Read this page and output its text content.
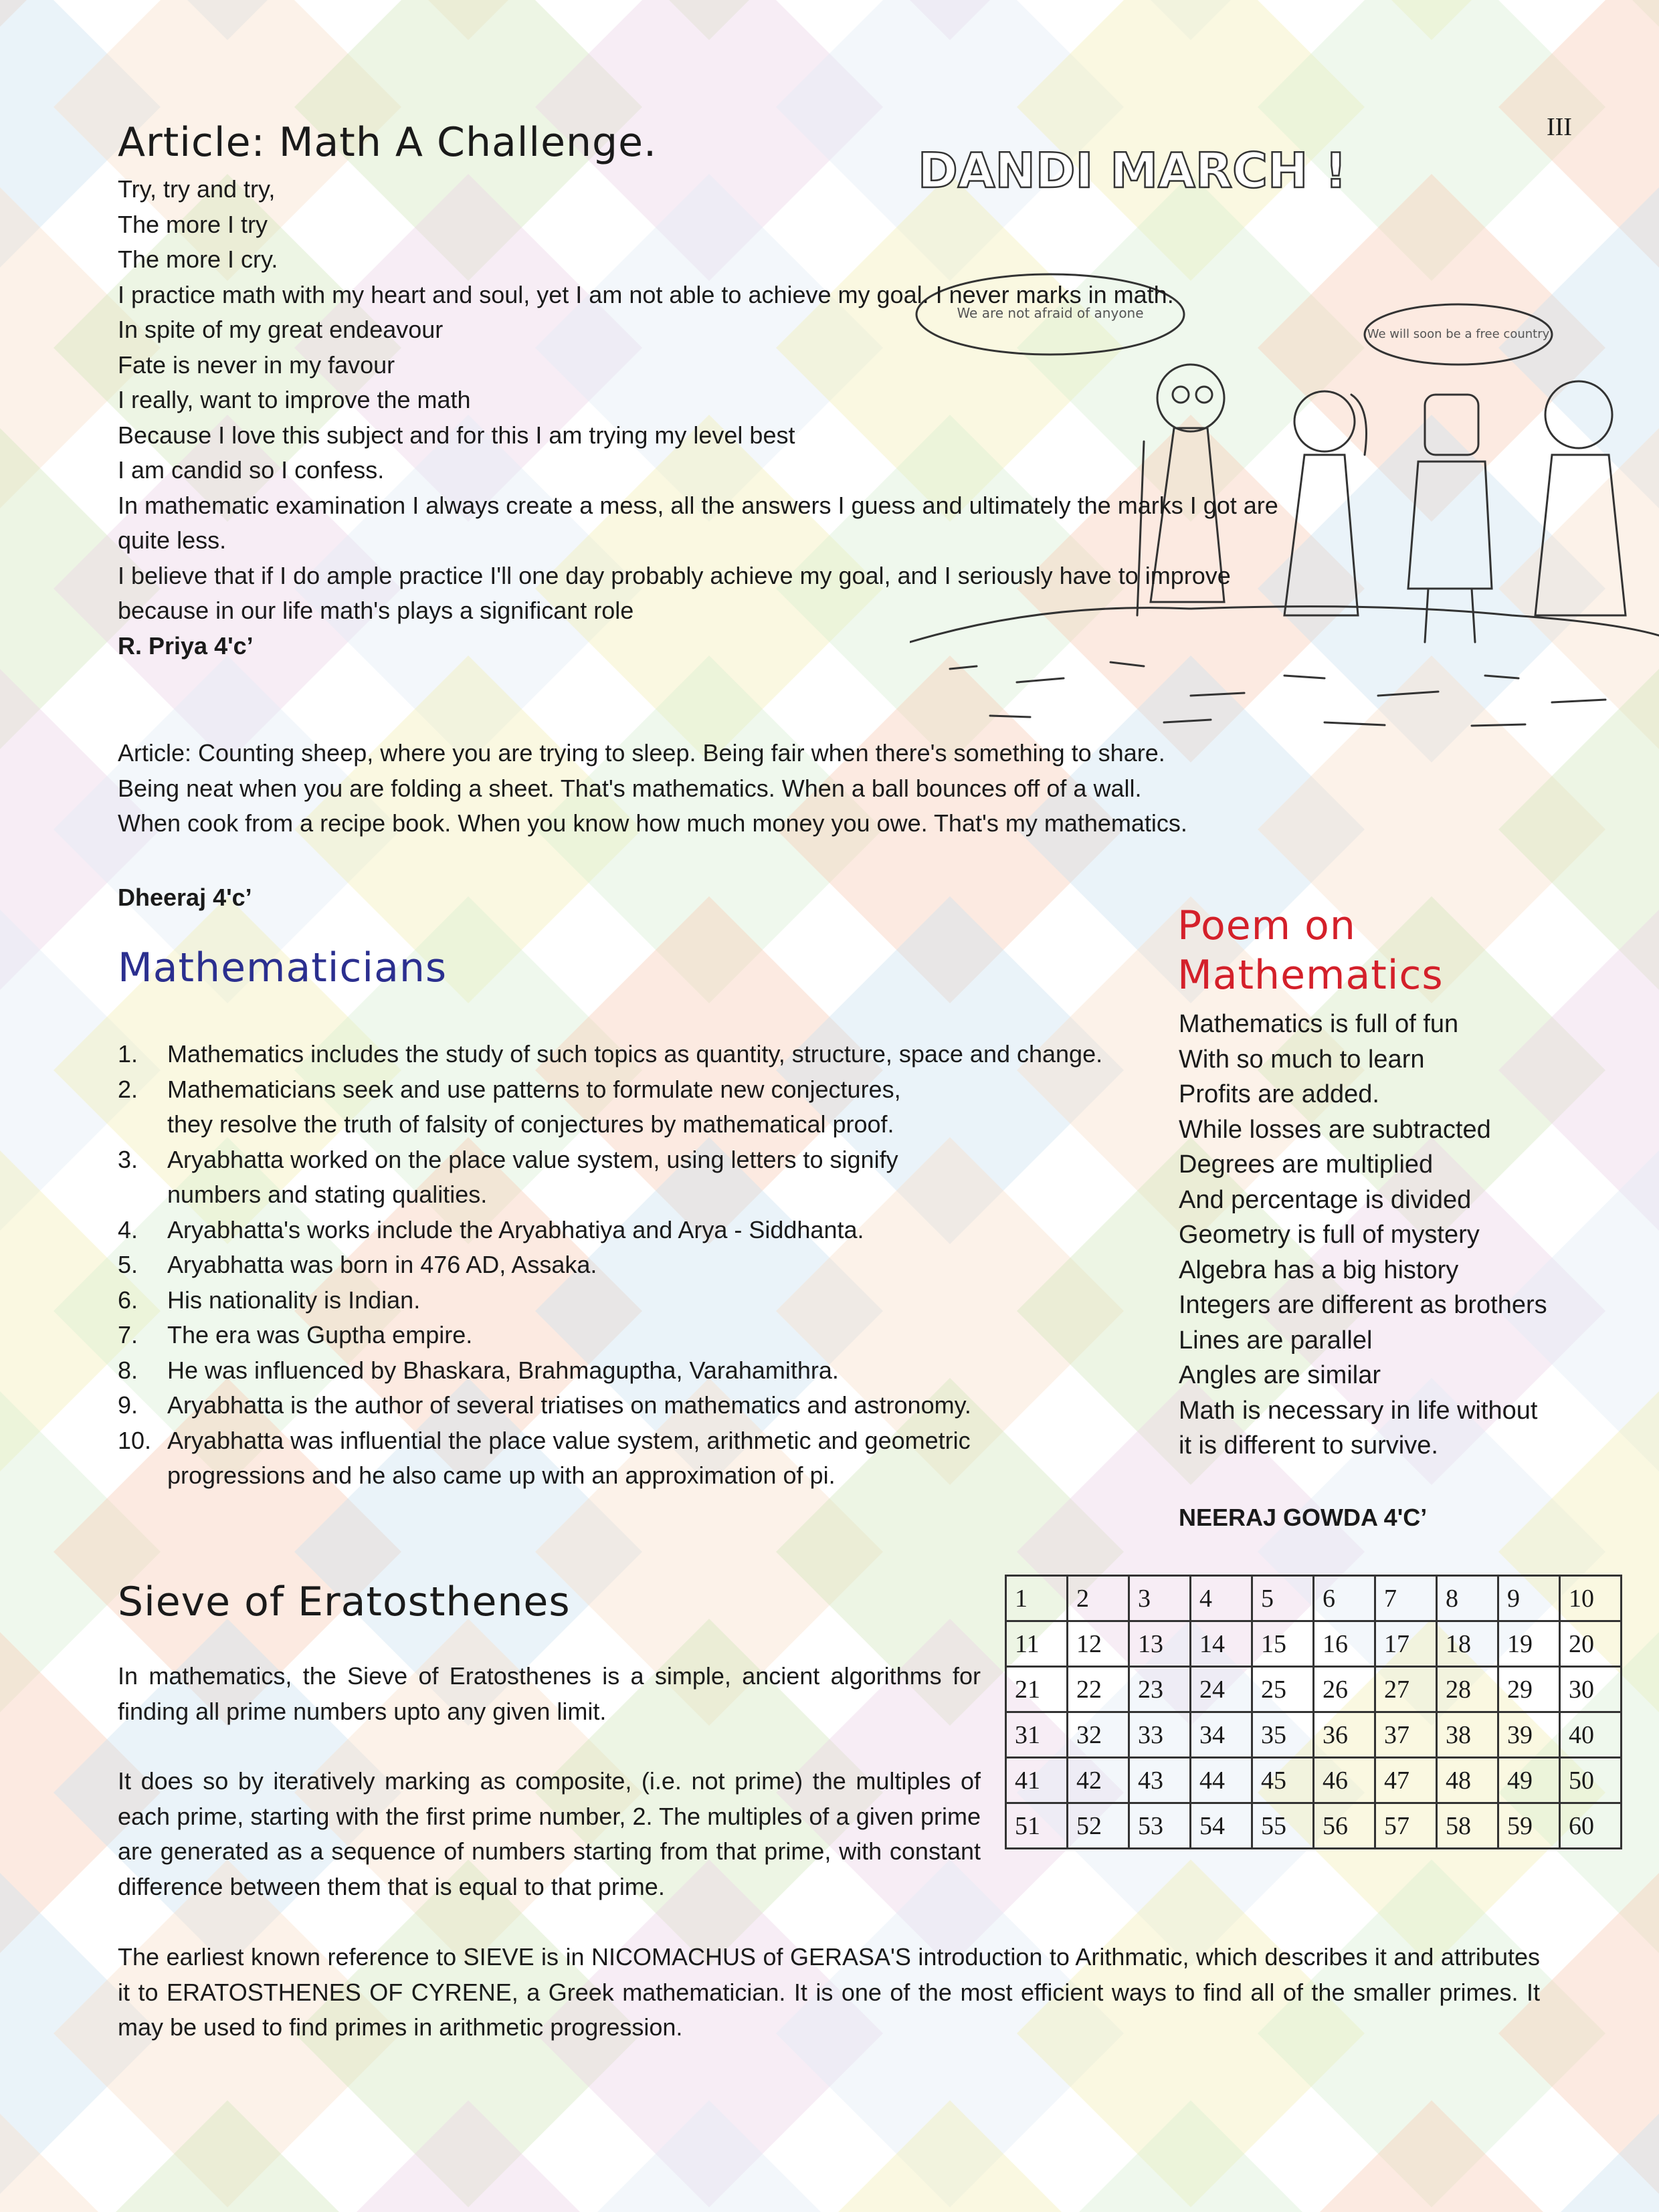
III
Article: Math A Challenge.
Try, try and try,
The more I try
The more I cry.
I practice math with my heart and soul, yet I am not able to achieve my goal. I never marks in math.
In spite of my great endeavour
Fate is never in my favour
I really, want to improve the math
Because I love this subject and for this I am trying my level best
I am candid so I confess.
In mathematic examination I always create a mess, all the answers I guess and ultimately the marks I got are
quite less.
I believe that if I do ample practice I'll one day probably achieve my goal, and I seriously have to improve
because in our life math's plays a significant role
R. Priya 4'c’
Article: Counting sheep, where you are trying to sleep. Being fair when there's something to share.
Being neat when you are folding a sheet. That's mathematics. When a ball bounces off of a wall.
When cook from a recipe book. When you know how much money you owe. That's my mathematics.
Dheeraj 4'c’
DANDI MARCH !
We are not afraid of anyone
We will soon be a free country
Mathematicians
1. Mathematics includes the study of such topics as quantity, structure, space and change.
2. Mathematicians seek and use patterns to formulate new conjectures,
they resolve the truth of falsity of conjectures by mathematical proof.
3. Aryabhatta worked on the place value system, using letters to signify
numbers and stating qualities.
4. Aryabhatta's works include the Aryabhatiya and Arya - Siddhanta.
5. Aryabhatta was born in 476 AD, Assaka.
6. His nationality is Indian.
7. The era was Guptha empire.
8. He was influenced by Bhaskara, Brahmaguptha, Varahamithra.
9. Aryabhatta is the author of several triatises on mathematics and astronomy.
10. Aryabhatta was influential the place value system, arithmetic and geometric
progressions and he also came up with an approximation of pi.
Poem on
Mathematics
Mathematics is full of fun
With so much to learn
Profits are added.
While losses are subtracted
Degrees are multiplied
And percentage is divided
Geometry is full of mystery
Algebra has a big history
Integers are different as brothers
Lines are parallel
Angles are similar
Math is necessary in life without
it is different to survive.
NEERAJ GOWDA 4'C’
Sieve of Eratosthenes
In mathematics, the Sieve of Eratosthenes is a simple, ancient algorithms for finding all prime numbers upto any given limit.
It does so by iteratively marking as composite, (i.e. not prime) the multiples of each prime, starting with the first prime number, 2. The multiples of a given prime are generated as a sequence of numbers starting from that prime, with constant difference between them that is equal to that prime.
The earliest known reference to SIEVE is in NICOMACHUS of GERASA'S introduction to Arithmatic, which describes it and attributes it to ERATOSTHENES OF CYRENE, a Greek mathematician. It is one of the most efficient ways to find all of the smaller primes. It may be used to find primes in arithmetic progression.
1	2	3	4	5	6	7	8	9	10
11	12	13	14	15	16	17	18	19	20
21	22	23	24	25	26	27	28	29	30
31	32	33	34	35	36	37	38	39	40
41	42	43	44	45	46	47	48	49	50
51	52	53	54	55	56	57	58	59	60
